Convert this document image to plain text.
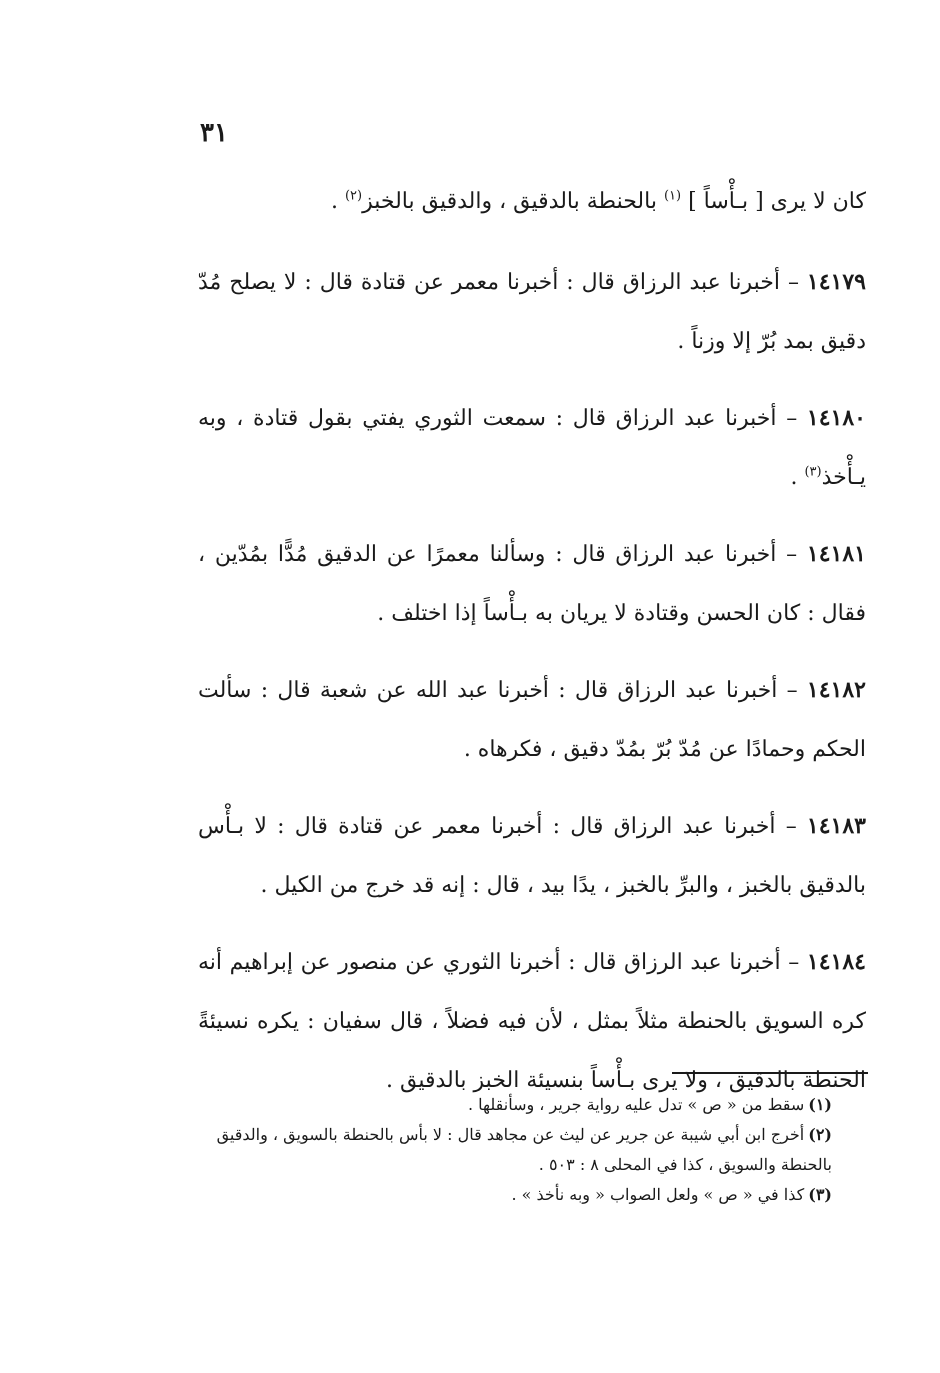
٣١

كان لا يرى [ بـأْساً ] $^{(١)}$ بالحنطة بالدقيق ، والدقيق بالخبز$^{(٢)}$ .

١٤١٧٩ – أخبرنا عبد الرزاق قال : أخبرنا معمر عن قتادة قال : لا يصلح مُدّ دقيق بمد بُرّ إلا وزناً .

١٤١٨٠ – أخبرنا عبد الرزاق قال : سمعت الثوري يفتي بقول قتادة ، وبه يـأْخذ$^{(٣)}$ .

١٤١٨١ – أخبرنا عبد الرزاق قال : وسألنا معمرًا عن الدقيق مُدًّا بمُدّين ، فقال : كان الحسن وقتادة لا يريان به بـأْساً إذا اختلف .

١٤١٨٢ – أخبرنا عبد الرزاق قال : أخبرنا عبد الله عن شعبة قال : سألت الحكم وحمادًا عن مُدّ بُرّ بمُدّ دقيق ، فكرهاه .

١٤١٨٣ – أخبرنا عبد الرزاق قال : أخبرنا معمر عن قتادة قال : لا بـأْس بالدقيق بالخبز ، والبرِّ بالخبز ، يدًا بيد ، قال : إنه قد خرج من الكيل .

١٤١٨٤ – أخبرنا عبد الرزاق قال : أخبرنا الثوري عن منصور عن إبراهيم أنه كره السويق بالحنطة مثلاً بمثل ، لأن فيه فضلاً ، قال سفيان : يكره نسيئةً الحنطة بالدقيق ، ولا يرى بـأْساً بنسيئة الخبز بالدقيق .

(١)سقط من « ص » تدل عليه رواية جرير ، وسأنقلها .

(٢)أخرج ابن أبي شيبة عن جرير عن ليث عن مجاهد قال : لا بأس بالحنطة بالسويق ، والدقيق بالحنطة والسويق ، كذا في المحلى ٨ : ٥٠٣ .

(٣)كذا في « ص » ولعل الصواب « وبه نأخذ » .
